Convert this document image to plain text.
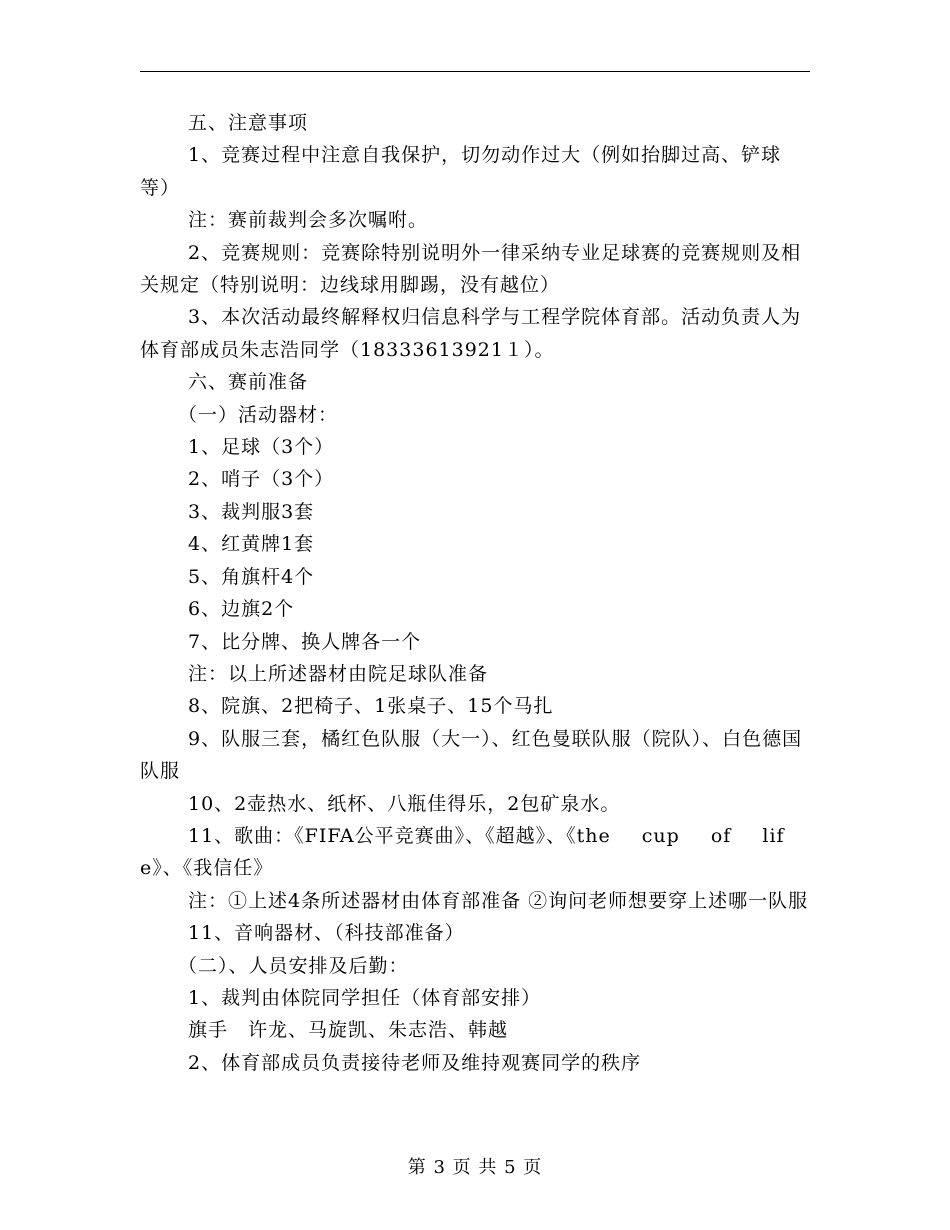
五、注意事项

1、竞赛过程中注意自我保护，切勿动作过大（例如抬脚过高、铲球等）

注：赛前裁判会多次嘱咐。

2、竞赛规则：竞赛除特别说明外一律采纳专业足球赛的竞赛规则及相关规定（特别说明：边线球用脚踢，没有越位）

3、本次活动最终解释权归信息科学与工程学院体育部。活动负责人为体育部成员朱志浩同学（18333613921１）。

六、赛前准备

（一）活动器材：

1、足球（3个）

2、哨子（3个）

3、裁判服3套

4、红黄牌1套

5、角旗杆4个

6、边旗2个

7、比分牌、换人牌各一个

注：以上所述器材由院足球队准备

8、院旗、2把椅子、1张桌子、15个马扎

9、队服三套，橘红色队服（大一）、红色曼联队服（院队）、白色德国队服

10、2壶热水、纸杯、八瓶佳得乐，2包矿泉水。

11、歌曲：《FIFA公平竞赛曲》、《超越》、《the cup of life》、《我信任》

注：①上述4条所述器材由体育部准备 ②询问老师想要穿上述哪一队服

11、音响器材、（科技部准备）

（二）、人员安排及后勤：

1、裁判由体院同学担任（体育部安排）

旗手　许龙、马旋凯、朱志浩、韩越

2、体育部成员负责接待老师及维持观赛同学的秩序

第 3 页 共 5 页
